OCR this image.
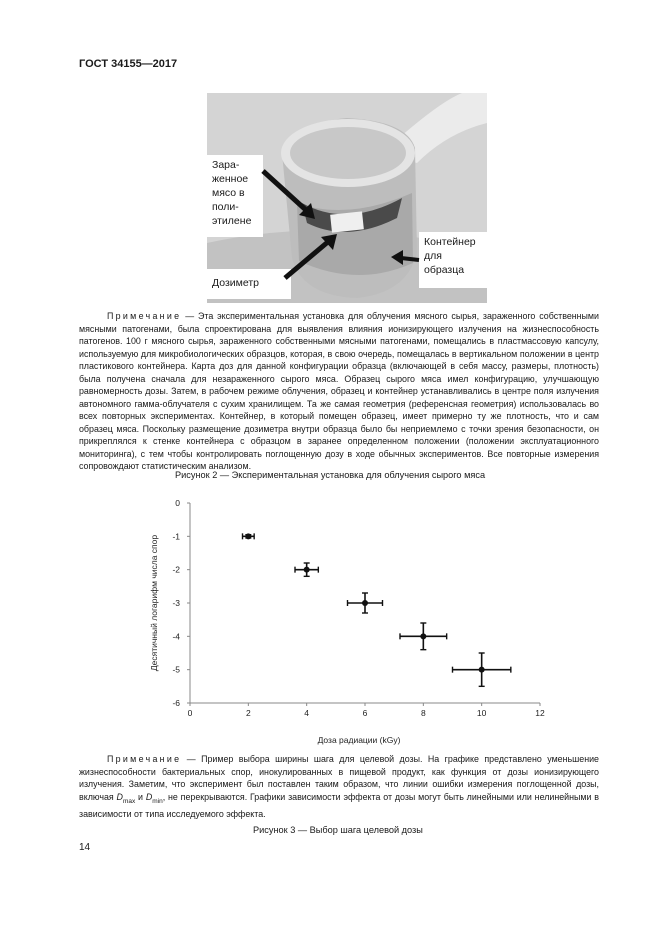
ГОСТ 34155—2017
Зара-
женное
мясо в
поли-
этилене
Контейнер
для
образца
Дозиметр
Примечание — Эта экспериментальная установка для облучения мясного сырья, зараженного собственными мясными патогенами, была спроектирована для выявления влияния ионизирующего излучения на жизнеспособность патогенов. 100 г мясного сырья, зараженного собственными мясными патогенами, помещались в пластмассовую капсулу, используемую для микробиологических образцов, которая, в свою очередь, помещалась в вертикальном положении в центр пластикового контейнера. Карта доз для данной конфигурации образца (включающей в себя массу, размеры, плотность) была получена сначала для незараженного сырого мяса. Образец сырого мяса имел конфигурацию, улучшающую равномерность дозы. Затем, в рабочем режиме облучения, образец и контейнер устанавливались в центре поля излучения автономного гамма-облучателя с сухим хранилищем. Та же самая геометрия (референсная геометрия) использовалась во всех повторных экспериментах. Контейнер, в который помещен образец, имеет примерно ту же плотность, что и сам образец мяса. Поскольку размещение дозиметра внутри образца было бы неприемлемо с точки зрения безопасности, он прикреплялся к стенке контейнера с образцом в заранее определенном положении (положении эксплуатационного мониторинга), с тем чтобы контролировать поглощенную дозу в ходе обычных экспериментов. Все повторные измерения сопровождают статистическим анализом.
Рисунок 2 — Экспериментальная установка для облучения сырого мяса
0	2	4	6	8	10	12
0
-1
-2
-3
-4
-5
-6
Доза радиации (kGy)
Десятичный логарифм числа спор
Примечание — Пример выбора ширины шага для целевой дозы. На графике представлено уменьшение жизнеспособности бактериальных спор, инокулированных в пищевой продукт, как функция от дозы ионизирующего излучения. Заметим, что эксперимент был поставлен таким образом, что линии ошибки измерения поглощенной дозы, включая $D_{max}$ и $D_{min}$, не перекрываются. Графики зависимости эффекта от дозы могут быть линейными или нелинейными в зависимости от типа исследуемого эффекта.
Рисунок 3 — Выбор шага целевой дозы
14
